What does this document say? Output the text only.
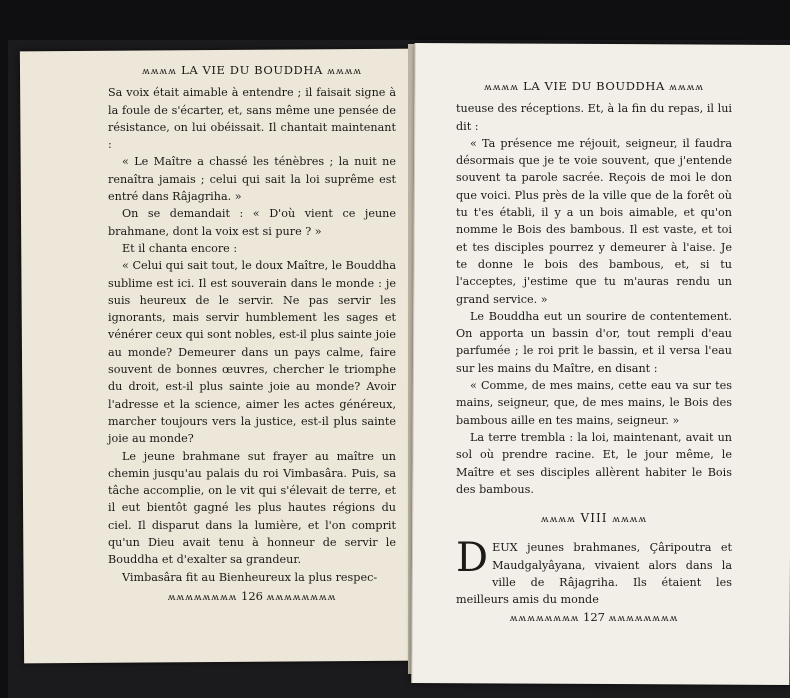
ʍʍʍʍ LA VIE DU BOUDDHA ʍʍʍʍ

Sa voix était aimable à entendre ; il faisait signe à la foule de s'écarter, et, sans même une pensée de résistance, on lui obéissait. Il chantait maintenant :

« Le Maître a chassé les ténèbres ; la nuit ne renaîtra jamais ; celui qui sait la loi suprême est entré dans Râjagriha. »

On se demandait : « D'où vient ce jeune brahmane, dont la voix est si pure ? »

Et il chanta encore :

« Celui qui sait tout, le doux Maître, le Bouddha sublime est ici. Il est souverain dans le monde : je suis heureux de le servir. Ne pas servir les ignorants, mais servir humblement les sages et vénérer ceux qui sont nobles, est-il plus sainte joie au monde? Demeurer dans un pays calme, faire souvent de bonnes œuvres, chercher le triomphe du droit, est-il plus sainte joie au monde? Avoir l'adresse et la science, aimer les actes généreux, marcher toujours vers la justice, est-il plus sainte joie au monde?

Le jeune brahmane sut frayer au maître un chemin jusqu'au palais du roi Vimbasâra. Puis, sa tâche accomplie, on le vit qui s'élevait de terre, et il eut bientôt gagné les plus hautes régions du ciel. Il disparut dans la lumière, et l'on comprit qu'un Dieu avait tenu à honneur de servir le Bouddha et d'exalter sa grandeur.

Vimbasâra fit au Bienheureux la plus respec-

ʍʍʍʍʍʍʍʍ 126 ʍʍʍʍʍʍʍʍ
ʍʍʍʍ LA VIE DU BOUDDHA ʍʍʍʍ

tueuse des réceptions. Et, à la fin du repas, il lui dit :

« Ta présence me réjouit, seigneur, il faudra désormais que je te voie souvent, que j'entende souvent ta parole sacrée. Reçois de moi le don que voici. Plus près de la ville que de la forêt où tu t'es établi, il y a un bois aimable, et qu'on nomme le Bois des bambous. Il est vaste, et toi et tes disciples pourrez y demeurer à l'aise. Je te donne le bois des bambous, et, si tu l'acceptes, j'estime que tu m'auras rendu un grand service. »

Le Bouddha eut un sourire de contentement. On apporta un bassin d'or, tout rempli d'eau parfumée ; le roi prit le bassin, et il versa l'eau sur les mains du Maître, en disant :

« Comme, de mes mains, cette eau va sur tes mains, seigneur, que, de mes mains, le Bois des bambous aille en tes mains, seigneur. »

La terre trembla : la loi, maintenant, avait un sol où prendre racine. Et, le jour même, le Maître et ses disciples allèrent habiter le Bois des bambous.

ʍʍʍʍ VIII ʍʍʍʍ

DEUX jeunes brahmanes, Çâripoutra et Maudgalyâyana, vivaient alors dans la ville de Râjagriha. Ils étaient les meilleurs amis du monde

ʍʍʍʍʍʍʍʍ 127 ʍʍʍʍʍʍʍʍ
